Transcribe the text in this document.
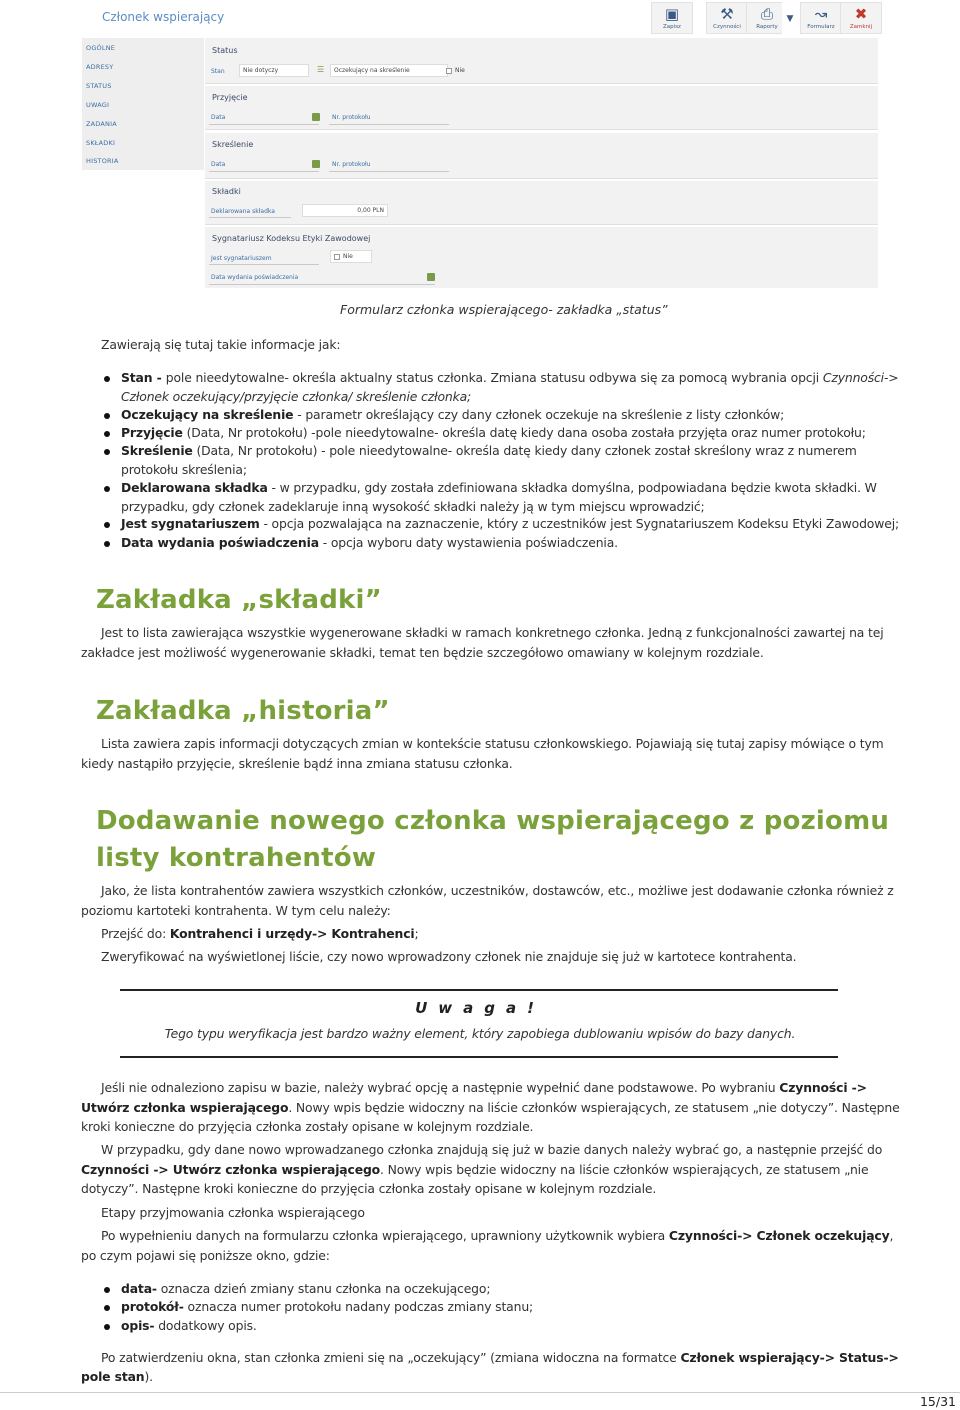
Członek wspierający	▣
Zapisz
⚒
Czynności
⎙
Raporty
▼	↝
Formularz
✖
Zamknij
OGÓLNE
ADRESY
STATUS
UWAGI
ZADANIA
SKŁADKI
HISTORIA
Status
Stan	Nie dotyczy	☰	Oczekujący na skreślenie	Nie
Przyjęcie
Data	Nr. protokołu
Skreślenie
Data	Nr. protokołu
Składki
Deklarowana składka	0,00 PLN
Sygnatariusz Kodeksu Etyki Zawodowej
Jest sygnatariuszem	Nie
Data wydania poświadczenia
Formularz członka wspierającego- zakładka „status”
Zawierają się tutaj takie informacje jak:
Stan - pole nieedytowalne- określa aktualny status członka. Zmiana statusu odbywa się za pomocą wybrania opcji Czynności->
Członek oczekujący/przyjęcie członka/ skreślenie członka;
Oczekujący na skreślenie - parametr określający czy dany członek oczekuje na skreślenie z listy członków;
Przyjęcie (Data, Nr protokołu) -pole nieedytowalne- określa datę kiedy dana osoba została przyjęta oraz numer protokołu;
Skreślenie (Data, Nr protokołu) - pole nieedytowalne- określa datę kiedy dany członek został skreślony wraz z numerem
protokołu skreślenia;
Deklarowana składka - w przypadku, gdy została zdefiniowana składka domyślna, podpowiadana będzie kwota składki. W
przypadku, gdy członek zadeklaruje inną wysokość składki należy ją w tym miejscu wprowadzić;
Jest sygnatariuszem - opcja pozwalająca na zaznaczenie, który z uczestników jest Sygnatariuszem Kodeksu Etyki Zawodowej;
Data wydania poświadczenia - opcja wyboru daty wystawienia poświadczenia.
Zakładka „składki”
Jest to lista zawierająca wszystkie wygenerowane składki w ramach konkretnego członka. Jedną z funkcjonalności zawartej na tej
zakładce jest możliwość wygenerowanie składki, temat ten będzie szczegółowo omawiany w kolejnym rozdziale.
Zakładka „historia”
Lista zawiera zapis informacji dotyczących zmian w kontekście statusu członkowskiego. Pojawiają się tutaj zapisy mówiące o tym
kiedy nastąpiło przyjęcie, skreślenie bądź inna zmiana statusu członka.
Dodawanie nowego członka wspierającego z poziomu
listy kontrahentów
Jako, że lista kontrahentów zawiera wszystkich członków, uczestników, dostawców, etc., możliwe jest dodawanie członka również z
poziomu kartoteki kontrahenta. W tym celu należy:
Przejść do: Kontrahenci i urzędy-> Kontrahenci;
Zweryfikować na wyświetlonej liście, czy nowo wprowadzony członek nie znajduje się już w kartotece kontrahenta.
Uwaga!
Tego typu weryfikacja jest bardzo ważny element, który zapobiega dublowaniu wpisów do bazy danych.
Jeśli nie odnaleziono zapisu w bazie, należy wybrać opcję a następnie wypełnić dane podstawowe. Po wybraniu Czynności ->
Utwórz członka wspierającego. Nowy wpis będzie widoczny na liście członków wspierających, ze statusem „nie dotyczy”. Następne
kroki konieczne do przyjęcia członka zostały opisane w kolejnym rozdziale.
W przypadku, gdy dane nowo wprowadzanego członka znajdują się już w bazie danych należy wybrać go, a następnie przejść do
Czynności -> Utwórz członka wspierającego. Nowy wpis będzie widoczny na liście członków wspierających, ze statusem „nie
dotyczy”. Następne kroki konieczne do przyjęcia członka zostały opisane w kolejnym rozdziale.
Etapy przyjmowania członka wspierającego
Po wypełnieniu danych na formularzu członka wpierającego, uprawniony użytkownik wybiera Czynności-> Członek oczekujący,
po czym pojawi się poniższe okno, gdzie:
data- oznacza dzień zmiany stanu członka na oczekującego;
protokół- oznacza numer protokołu nadany podczas zmiany stanu;
opis- dodatkowy opis.
Po zatwierdzeniu okna, stan członka zmieni się na „oczekujący” (zmiana widoczna na formatce Członek wspierający-> Status->
pole stan).
15/31
